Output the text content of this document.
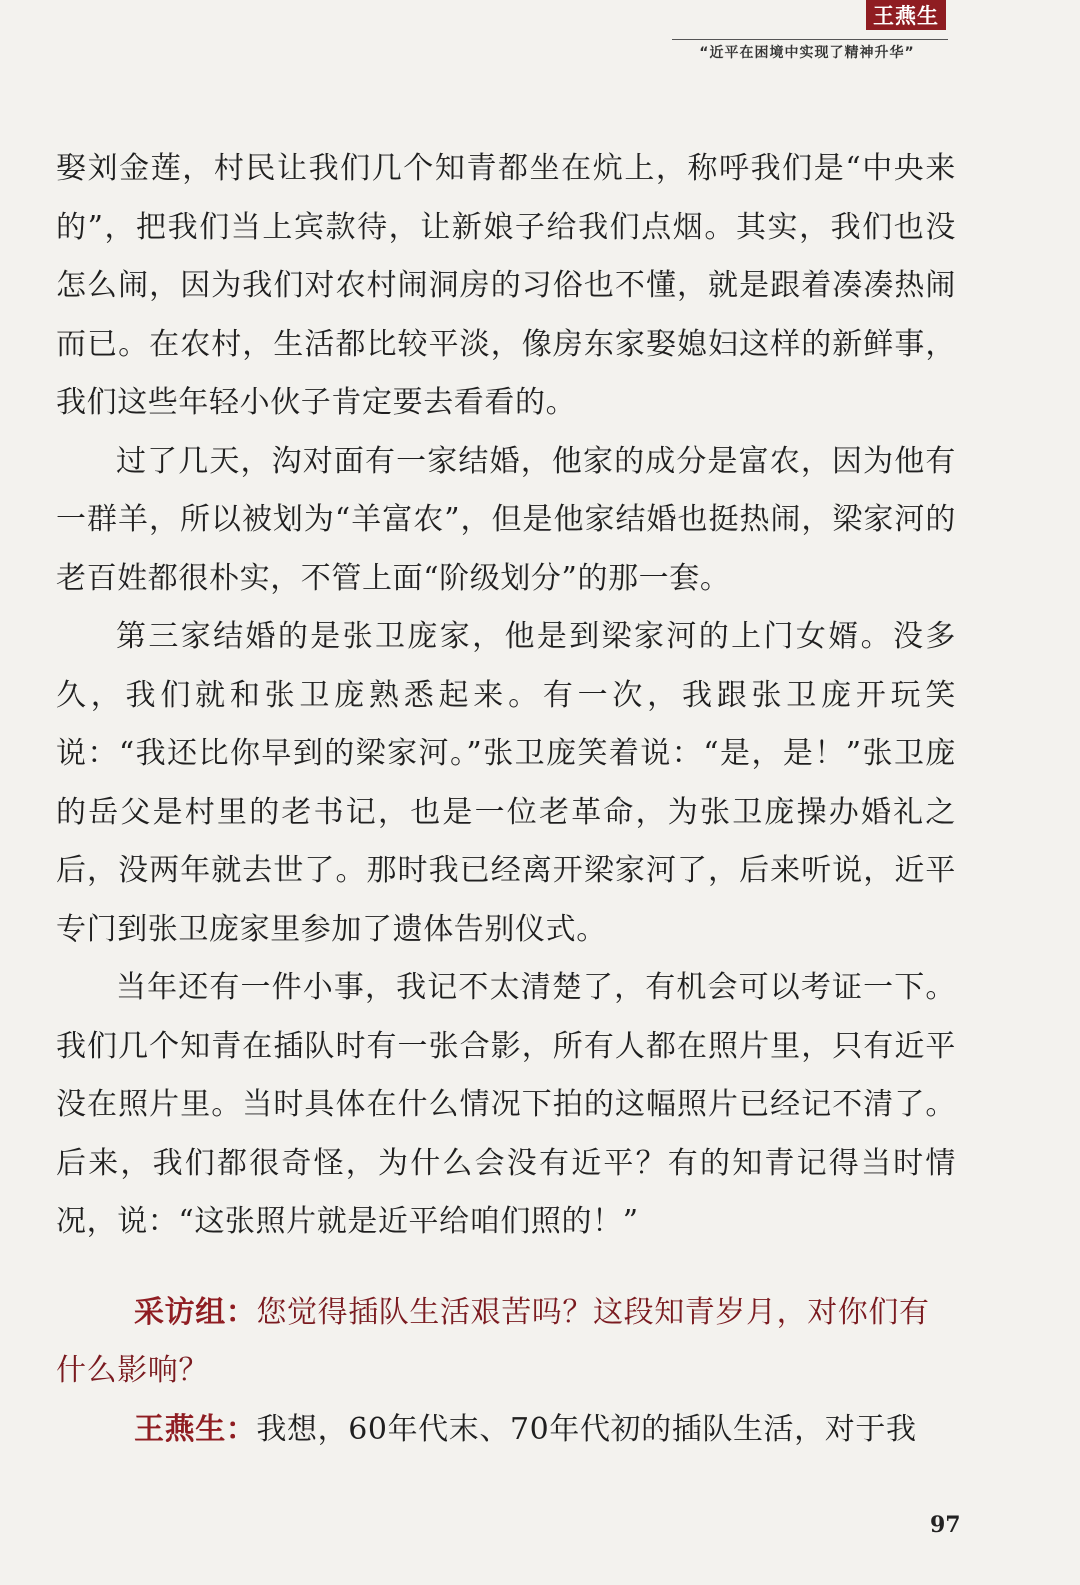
王燕生
“近平在困境中实现了精神升华”

娶刘金莲，村民让我们几个知青都坐在炕上，称呼我们是“中央来的”，把我们当上宾款待，让新娘子给我们点烟。其实，我们也没怎么闹，因为我们对农村闹洞房的习俗也不懂，就是跟着凑凑热闹而已。在农村，生活都比较平淡，像房东家娶媳妇这样的新鲜事，我们这些年轻小伙子肯定要去看看的。

过了几天，沟对面有一家结婚，他家的成分是富农，因为他有一群羊，所以被划为“羊富农”，但是他家结婚也挺热闹，梁家河的老百姓都很朴实，不管上面“阶级划分”的那一套。

第三家结婚的是张卫庞家，他是到梁家河的上门女婿。没多久，我们就和张卫庞熟悉起来。有一次，我跟张卫庞开玩笑说：“我还比你早到的梁家河。”张卫庞笑着说：“是，是！”张卫庞的岳父是村里的老书记，也是一位老革命，为张卫庞操办婚礼之后，没两年就去世了。那时我已经离开梁家河了，后来听说，近平专门到张卫庞家里参加了遗体告别仪式。

当年还有一件小事，我记不太清楚了，有机会可以考证一下。我们几个知青在插队时有一张合影，所有人都在照片里，只有近平没在照片里。当时具体在什么情况下拍的这幅照片已经记不清了。后来，我们都很奇怪，为什么会没有近平？有的知青记得当时情况，说：“这张照片就是近平给咱们照的！”

采访组：您觉得插队生活艰苦吗？这段知青岁月，对你们有什么影响？

王燕生：我想，60年代末、70年代初的插队生活，对于我

97
